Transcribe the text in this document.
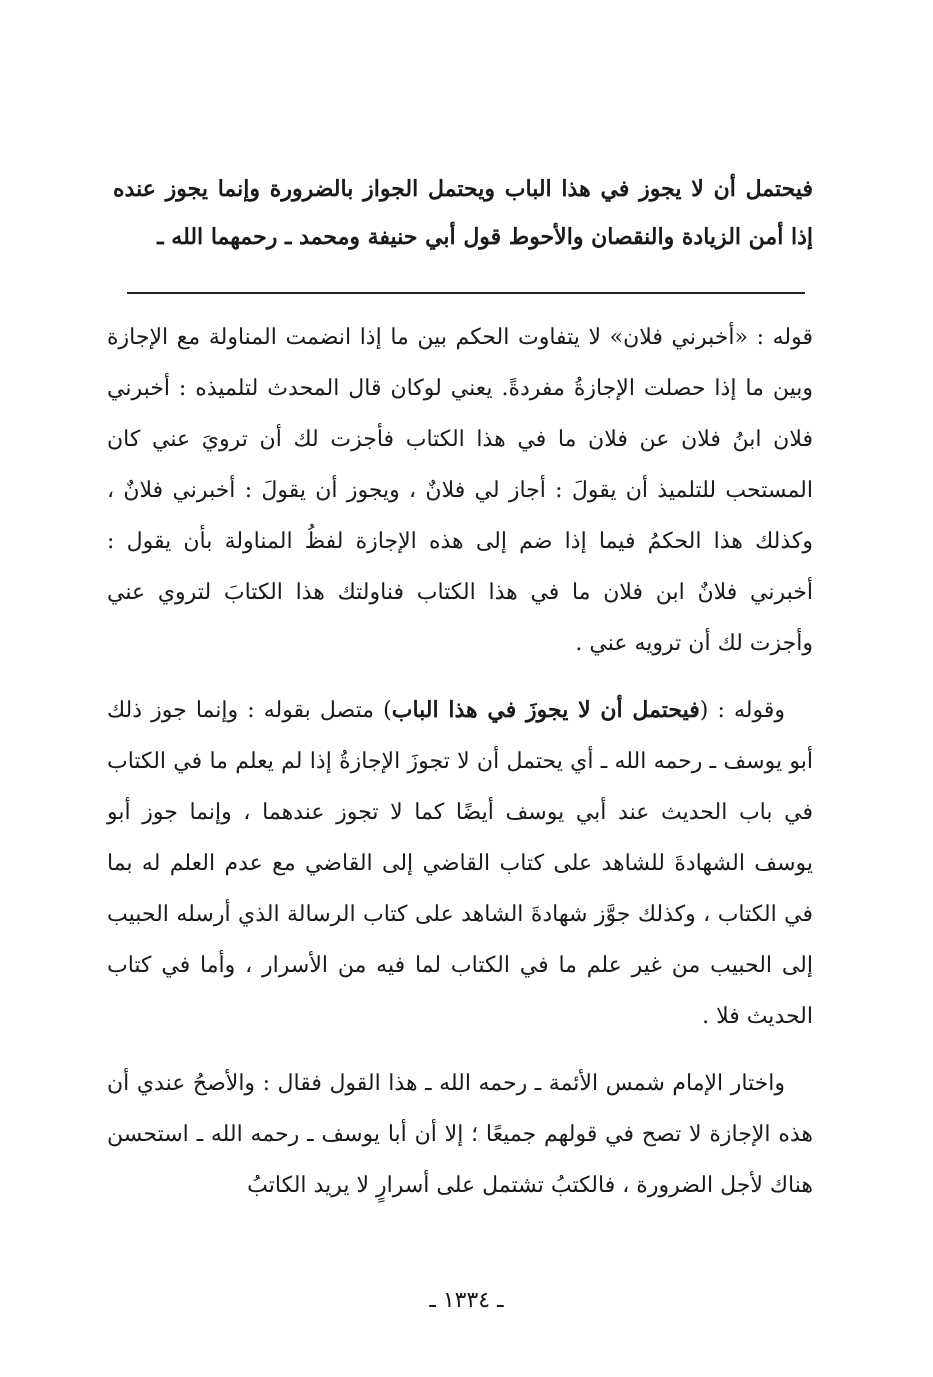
فيحتمل أن لا يجوز في هذا الباب ويحتمل الجواز بالضرورة وإنما يجوز عنده إذا أمن الزيادة والنقصان والأحوط قول أبي حنيفة ومحمد ـ رحمهما الله ـ

قوله : «أخبرني فلان» لا يتفاوت الحكم بين ما إذا انضمت المناولة مع الإجازة وبين ما إذا حصلت الإجازةُ مفردةً. يعني لوكان قال المحدث لتلميذه : أخبرني فلان ابنُ فلان عن فلان ما في هذا الكتاب فأجزت لك أن ترويَ عني كان المستحب للتلميذ أن يقولَ : أجاز لي فلانٌ ، ويجوز أن يقولَ : أخبرني فلانٌ ، وكذلك هذا الحكمُ فيما إذا ضم إلى هذه الإجازة لفظُ المناولة بأن يقول : أخبرني فلانٌ ابن فلان ما في هذا الكتاب فناولتك هذا الكتابَ لتروي عني وأجزت لك أن ترويه عني .

وقوله : (فيحتمل أن لا يجوزَ في هذا الباب) متصل بقوله : وإنما جوز ذلك أبو يوسف ـ رحمه الله ـ أي يحتمل أن لا تجوزَ الإجازةُ إذا لم يعلم ما في الكتاب في باب الحديث عند أبي يوسف أيضًا كما لا تجوز عندهما ، وإنما جوز أبو يوسف الشهادةَ للشاهد على كتاب القاضي إلى القاضي مع عدم العلم له بما في الكتاب ، وكذلك جوَّز شهادةَ الشاهد على كتاب الرسالة الذي أرسله الحبيب إلى الحبيب من غير علم ما في الكتاب لما فيه من الأسرار ، وأما في كتاب الحديث فلا .

واختار الإمام شمس الأئمة ـ رحمه الله ـ هذا القول فقال : والأصحُ عندي أن هذه الإجازة لا تصح في قولهم جميعًا ؛ إلا أن أبا يوسف ـ رحمه الله ـ استحسن هناك لأجل الضرورة ، فالكتبُ تشتمل على أسرارٍ لا يريد الكاتبُ

ـ ١٣٣٤ ـ
